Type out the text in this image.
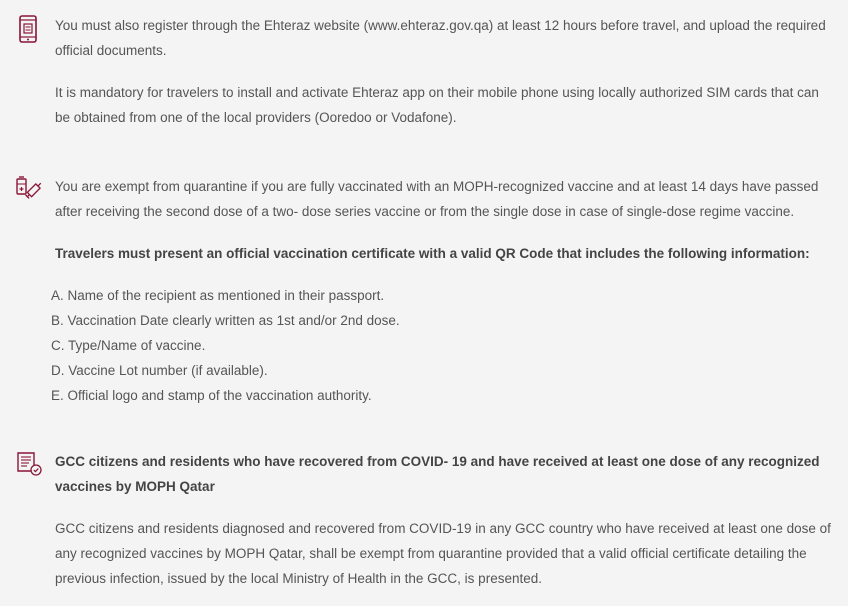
You must also register through the Ehteraz website (www.ehteraz.gov.qa) at least 12 hours before travel, and upload the required official documents.

It is mandatory for travelers to install and activate Ehteraz app on their mobile phone using locally authorized SIM cards that can be obtained from one of the local providers (Ooredoo or Vodafone).

You are exempt from quarantine if you are fully vaccinated with an MOPH-recognized vaccine and at least 14 days have passed after receiving the second dose of a two- dose series vaccine or from the single dose in case of single-dose regime vaccine.

Travelers must present an official vaccination certificate with a valid QR Code that includes the following information:

A. Name of the recipient as mentioned in their passport.
B. Vaccination Date clearly written as 1st and/or 2nd dose.
C. Type/Name of vaccine.
D. Vaccine Lot number (if available).
E. Official logo and stamp of the vaccination authority.

GCC citizens and residents who have recovered from COVID- 19 and have received at least one dose of any recognized vaccines by MOPH Qatar

GCC citizens and residents diagnosed and recovered from COVID-19 in any GCC country who have received at least one dose of any recognized vaccines by MOPH Qatar, shall be exempt from quarantine provided that a valid official certificate detailing the previous infection, issued by the local Ministry of Health in the GCC, is presented.
